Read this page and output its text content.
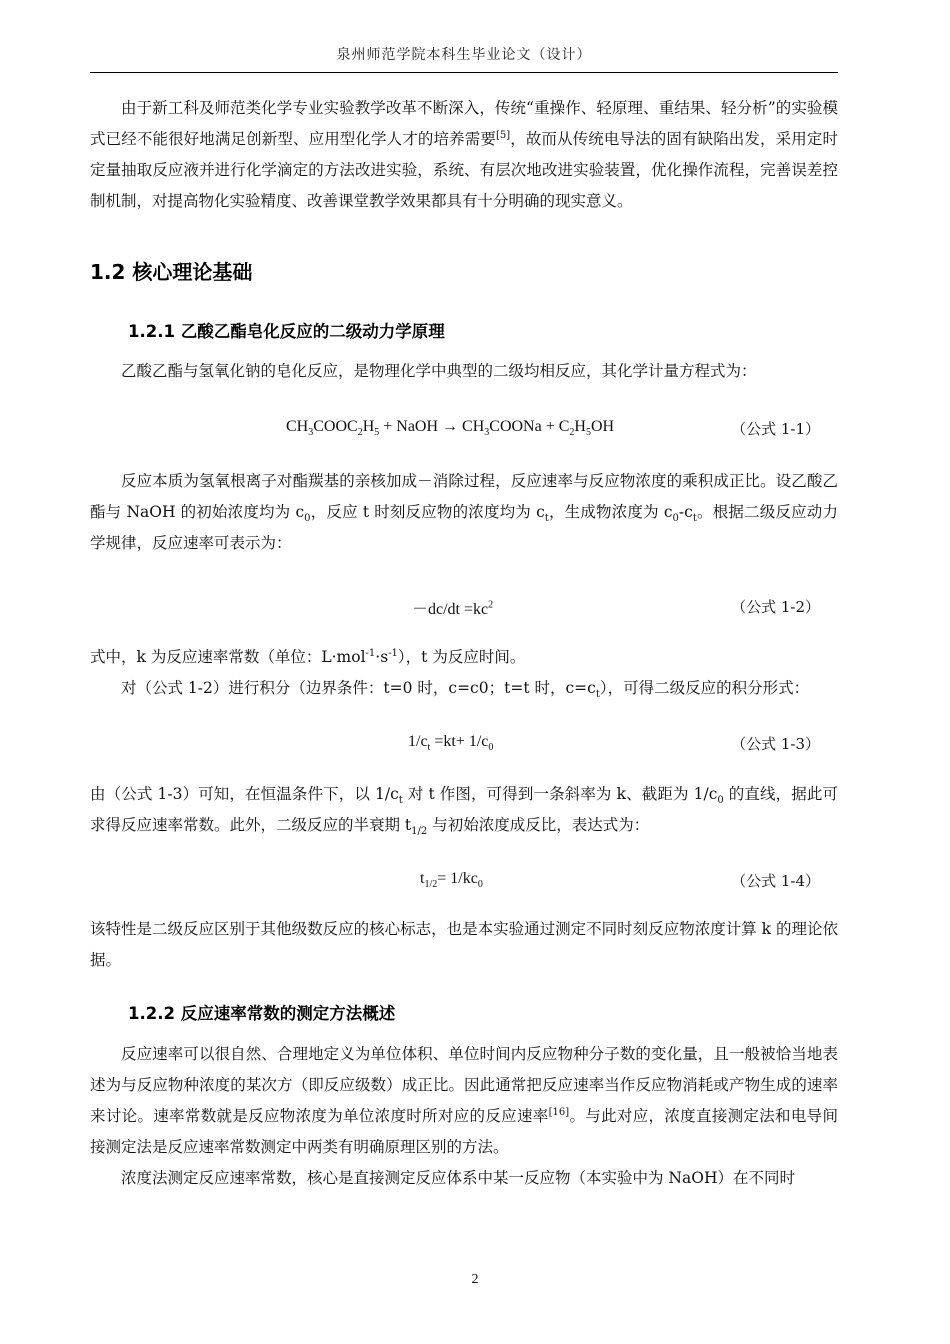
泉州师范学院本科生毕业论文（设计）

由于新工科及师范类化学专业实验教学改革不断深入，传统“重操作、轻原理、重结果、轻分析”的实验模式已经不能很好地满足创新型、应用型化学人才的培养需要[5]，故而从传统电导法的固有缺陷出发，采用定时定量抽取反应液并进行化学滴定的方法改进实验，系统、有层次地改进实验装置，优化操作流程，完善误差控制机制，对提高物化实验精度、改善课堂教学效果都具有十分明确的现实意义。

1.2 核心理论基础
1.2.1 乙酸乙酯皂化反应的二级动力学原理

乙酸乙酯与氢氧化钠的皂化反应，是物理化学中典型的二级均相反应，其化学计量方程式为：

$CH_3COOC_2H_5$ + NaOH → $CH_3COONa + C_2H_5OH$	（公式 1-1）

反应本质为氢氧根离子对酯羰基的亲核加成－消除过程，反应速率与反应物浓度的乘积成正比。设乙酸乙酯与 NaOH 的初始浓度均为 $c_0$，反应 t 时刻反应物的浓度均为 $c_t$，生成物浓度为 $c_0-c_t$。根据二级反应动力学规律，反应速率可表示为：

$-dc/dt =kc^2$	（公式 1-2）

式中，k 为反应速率常数（单位：$L\cdot mol^{-1}\cdot s^{-1}$），t 为反应时间。

对（公式 1-2）进行积分（边界条件：t=0 时，c=c0；t=t 时，$c=c_t$），可得二级反应的积分形式：

$1/c_t =kt+ 1/c_0$	（公式 1-3）

由（公式 1-3）可知，在恒温条件下，以 $1/c_t$ 对 t 作图，可得到一条斜率为 k、截距为 $1/c_0$ 的直线，据此可求得反应速率常数。此外，二级反应的半衰期 $t_{1/2}$ 与初始浓度成反比，表达式为：

$t_{1/2}= 1/kc_0$	（公式 1-4）

该特性是二级反应区别于其他级数反应的核心标志，也是本实验通过测定不同时刻反应物浓度计算 k 的理论依据。

1.2.2 反应速率常数的测定方法概述

反应速率可以很自然、合理地定义为单位体积、单位时间内反应物种分子数的变化量，且一般被恰当地表述为与反应物种浓度的某次方（即反应级数）成正比。因此通常把反应速率当作反应物消耗或产物生成的速率来讨论。速率常数就是反应物浓度为单位浓度时所对应的反应速率[16]。与此对应，浓度直接测定法和电导间接测定法是反应速率常数测定中两类有明确原理区别的方法。

浓度法测定反应速率常数，核心是直接测定反应体系中某一反应物（本实验中为 NaOH）在不同时

2
